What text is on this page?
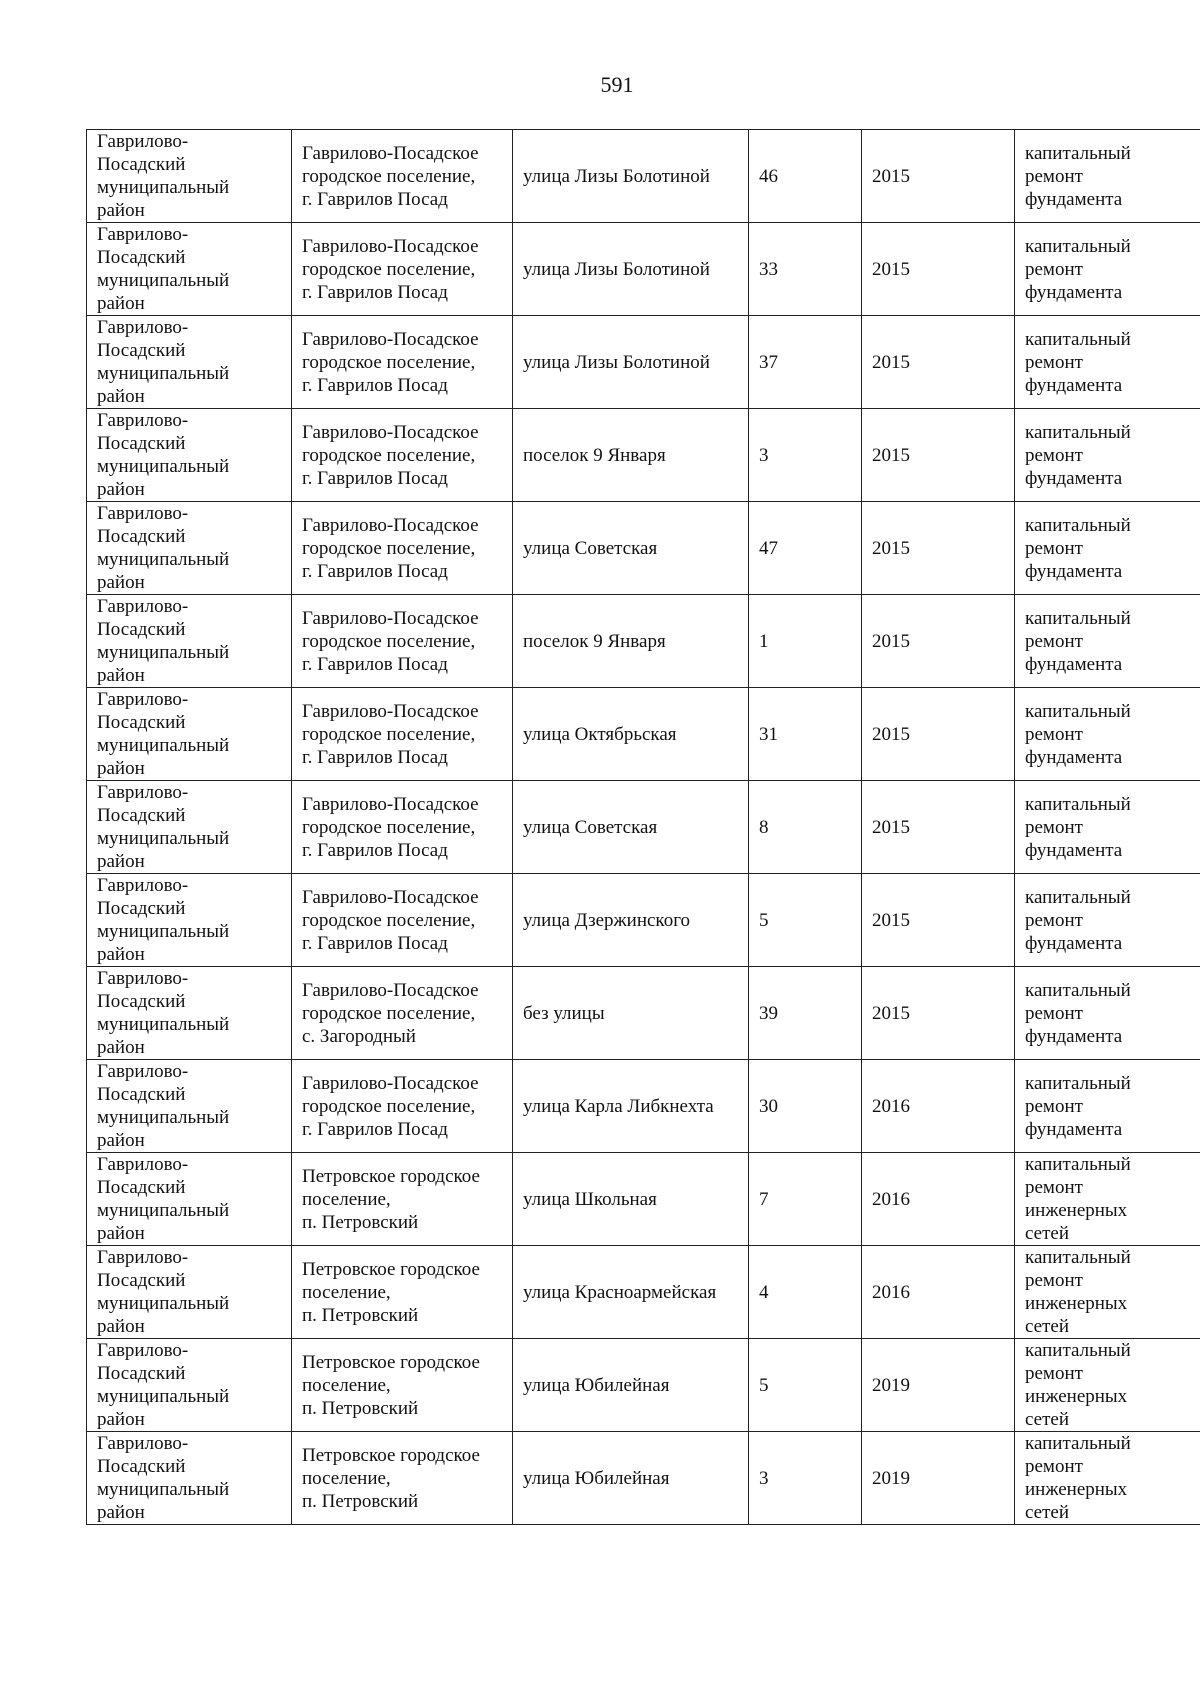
591
Гаврилово-
Посадский
муниципальный
район	Гаврилово-Посадское
городское поселение,
г. Гаврилов Посад	улица Лизы Болотиной	46	2015	капитальный
ремонт
фундамента
Гаврилово-
Посадский
муниципальный
район	Гаврилово-Посадское
городское поселение,
г. Гаврилов Посад	улица Лизы Болотиной	33	2015	капитальный
ремонт
фундамента
Гаврилово-
Посадский
муниципальный
район	Гаврилово-Посадское
городское поселение,
г. Гаврилов Посад	улица Лизы Болотиной	37	2015	капитальный
ремонт
фундамента
Гаврилово-
Посадский
муниципальный
район	Гаврилово-Посадское
городское поселение,
г. Гаврилов Посад	поселок 9 Января	3	2015	капитальный
ремонт
фундамента
Гаврилово-
Посадский
муниципальный
район	Гаврилово-Посадское
городское поселение,
г. Гаврилов Посад	улица Советская	47	2015	капитальный
ремонт
фундамента
Гаврилово-
Посадский
муниципальный
район	Гаврилово-Посадское
городское поселение,
г. Гаврилов Посад	поселок 9 Января	1	2015	капитальный
ремонт
фундамента
Гаврилово-
Посадский
муниципальный
район	Гаврилово-Посадское
городское поселение,
г. Гаврилов Посад	улица Октябрьская	31	2015	капитальный
ремонт
фундамента
Гаврилово-
Посадский
муниципальный
район	Гаврилово-Посадское
городское поселение,
г. Гаврилов Посад	улица Советская	8	2015	капитальный
ремонт
фундамента
Гаврилово-
Посадский
муниципальный
район	Гаврилово-Посадское
городское поселение,
г. Гаврилов Посад	улица Дзержинского	5	2015	капитальный
ремонт
фундамента
Гаврилово-
Посадский
муниципальный
район	Гаврилово-Посадское
городское поселение,
с. Загородный	без улицы	39	2015	капитальный
ремонт
фундамента
Гаврилово-
Посадский
муниципальный
район	Гаврилово-Посадское
городское поселение,
г. Гаврилов Посад	улица Карла Либкнехта	30	2016	капитальный
ремонт
фундамента
Гаврилово-
Посадский
муниципальный
район	Петровское городское
поселение,
п. Петровский	улица Школьная	7	2016	капитальный
ремонт
инженерных
сетей
Гаврилово-
Посадский
муниципальный
район	Петровское городское
поселение,
п. Петровский	улица Красноармейская	4	2016	капитальный
ремонт
инженерных
сетей
Гаврилово-
Посадский
муниципальный
район	Петровское городское
поселение,
п. Петровский	улица Юбилейная	5	2019	капитальный
ремонт
инженерных
сетей
Гаврилово-
Посадский
муниципальный
район	Петровское городское
поселение,
п. Петровский	улица Юбилейная	3	2019	капитальный
ремонт
инженерных
сетей
